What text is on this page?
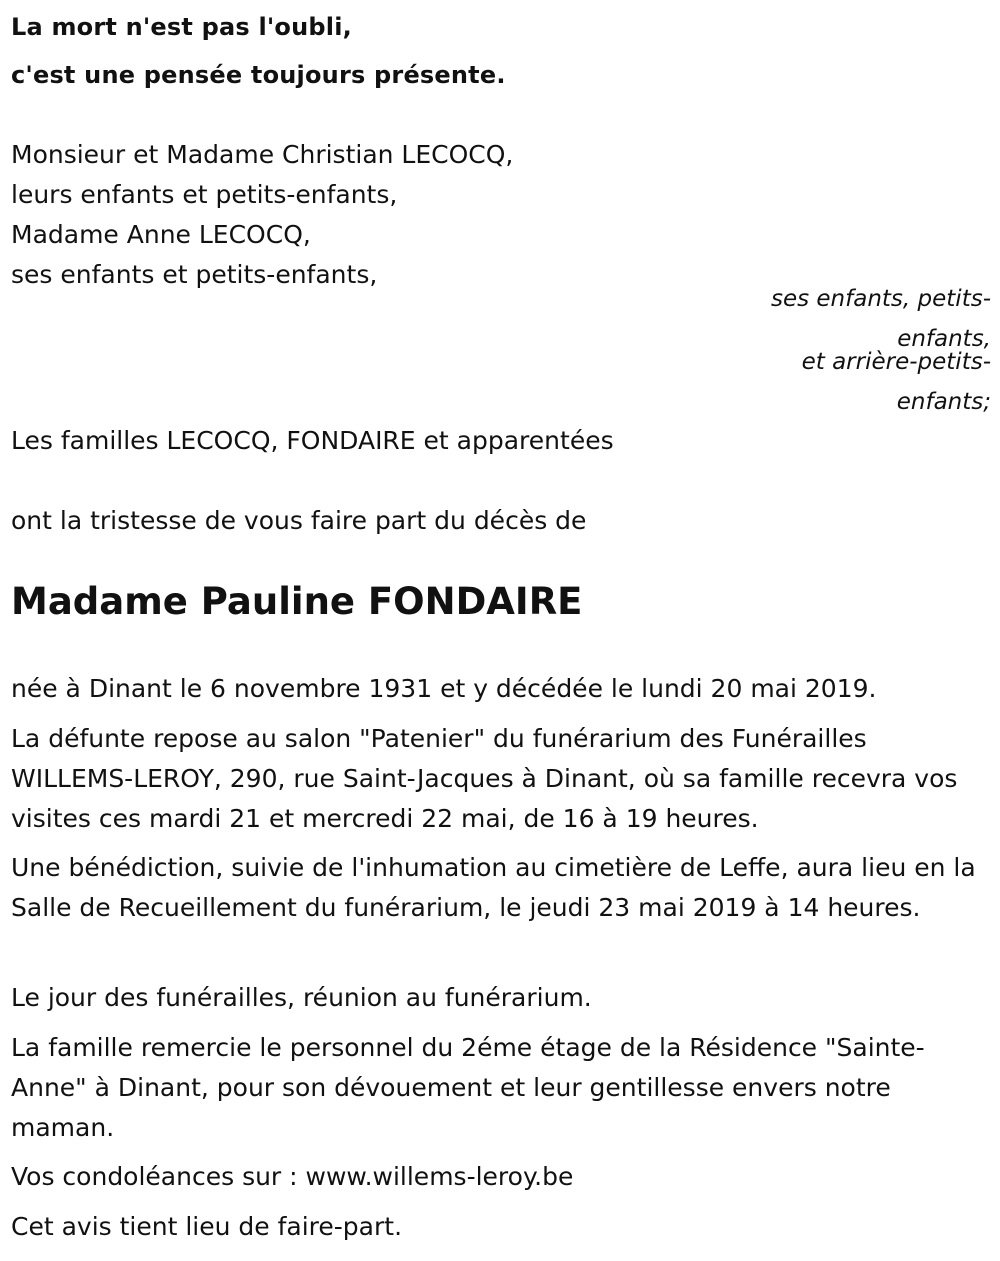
La mort n'est pas l'oubli,
c'est une pensée toujours présente.
Monsieur et Madame Christian LECOCQ,
leurs enfants et petits-enfants,
Madame Anne LECOCQ,
ses enfants et petits-enfants,
ses enfants, petits-
enfants,
et arrière-petits-
enfants;
Les familles LECOCQ, FONDAIRE et apparentées
ont la tristesse de vous faire part du décès de
Madame Pauline FONDAIRE
née à Dinant le 6 novembre 1931 et y décédée le lundi 20 mai 2019.
La défunte repose au salon "Patenier" du funérarium des Funérailles WILLEMS-LEROY, 290, rue Saint-Jacques à Dinant, où sa famille recevra vos visites ces mardi 21 et mercredi 22 mai, de 16 à 19 heures.
Une bénédiction, suivie de l'inhumation au cimetière de Leffe, aura lieu en la Salle de Recueillement du funérarium, le jeudi 23 mai 2019 à 14 heures.
Le jour des funérailles, réunion au funérarium.
La famille remercie le personnel du 2éme étage de la Résidence "Sainte-Anne" à Dinant, pour son dévouement et leur gentillesse envers notre maman.
Vos condoléances sur : www.willems-leroy.be
Cet avis tient lieu de faire-part.
